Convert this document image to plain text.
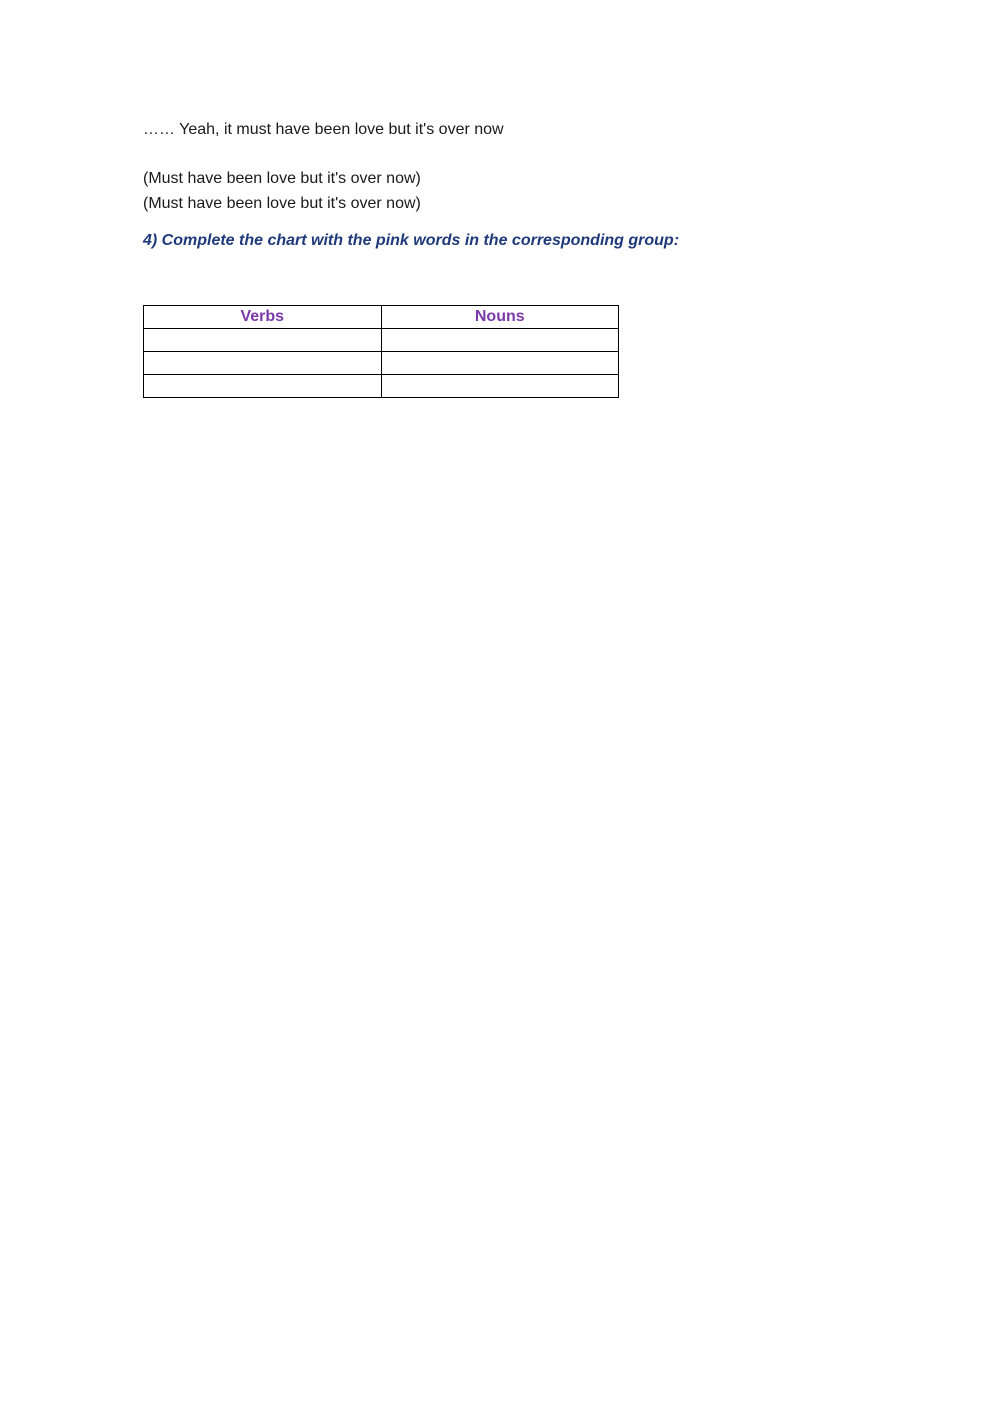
…… Yeah, it must have been love but it's over now
(Must have been love but it's over now)
(Must have been love but it's over now)
4) Complete the chart with the pink words in the corresponding group:
Verbs	Nouns
